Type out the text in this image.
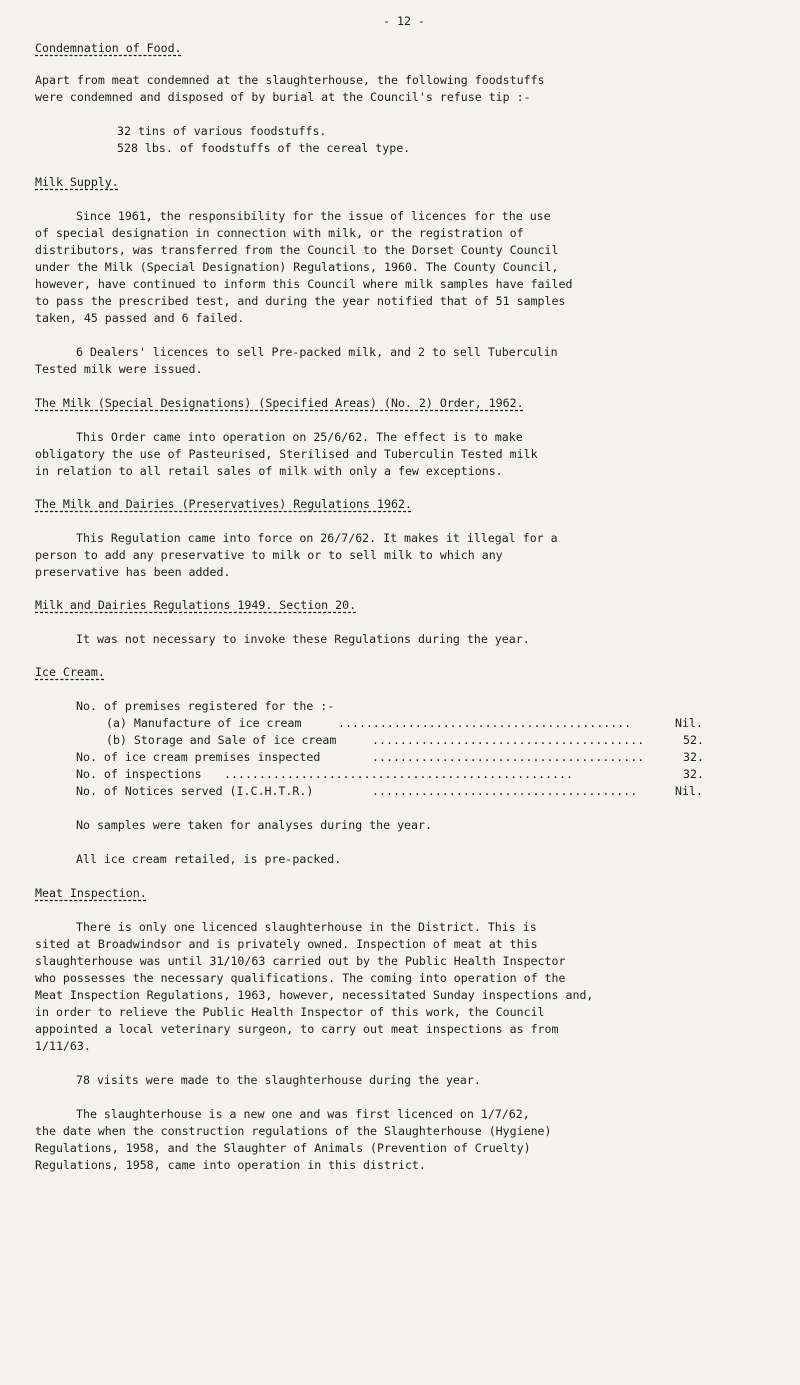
- 12 -
Condemnation of Food.
Apart from meat condemned at the slaughterhouse, the following foodstuffs
were condemned and disposed of by burial at the Council's refuse tip :-
32 tins of various foodstuffs.
528 lbs. of foodstuffs of the cereal type.
Milk Supply.
Since 1961, the responsibility for the issue of licences for the use
of special designation in connection with milk, or the registration of
distributors, was transferred from the Council to the Dorset County Council
under the Milk (Special Designation) Regulations, 1960. The County Council,
however, have continued to inform this Council where milk samples have failed
to pass the prescribed test, and during the year notified that of 51 samples
taken, 45 passed and 6 failed.
6 Dealers' licences to sell Pre-packed milk, and 2 to sell Tuberculin
Tested milk were issued.
The Milk (Special Designations) (Specified Areas) (No. 2) Order, 1962.
This Order came into operation on 25/6/62. The effect is to make
obligatory the use of Pasteurised, Sterilised and Tuberculin Tested milk
in relation to all retail sales of milk with only a few exceptions.
The Milk and Dairies (Preservatives) Regulations 1962.
This Regulation came into force on 26/7/62. It makes it illegal for a
person to add any preservative to milk or to sell milk to which any
preservative has been added.
Milk and Dairies Regulations 1949. Section 20.
It was not necessary to invoke these Regulations during the year.
Ice Cream.
No. of premises registered for the :-
(a) Manufacture of ice cream	..........................................	Nil.
(b) Storage and Sale of ice cream	.......................................	52.
No. of ice cream premises inspected	.......................................	32.
No. of inspections ..................................................	32.
No. of Notices served (I.C.H.T.R.)	......................................	Nil.
No samples were taken for analyses during the year.
All ice cream retailed, is pre-packed.
Meat Inspection.
There is only one licenced slaughterhouse in the District. This is
sited at Broadwindsor and is privately owned. Inspection of meat at this
slaughterhouse was until 31/10/63 carried out by the Public Health Inspector
who possesses the necessary qualifications. The coming into operation of the
Meat Inspection Regulations, 1963, however, necessitated Sunday inspections and,
in order to relieve the Public Health Inspector of this work, the Council
appointed a local veterinary surgeon, to carry out meat inspections as from
1/11/63.
78 visits were made to the slaughterhouse during the year.
The slaughterhouse is a new one and was first licenced on 1/7/62,
the date when the construction regulations of the Slaughterhouse (Hygiene)
Regulations, 1958, and the Slaughter of Animals (Prevention of Cruelty)
Regulations, 1958, came into operation in this district.
